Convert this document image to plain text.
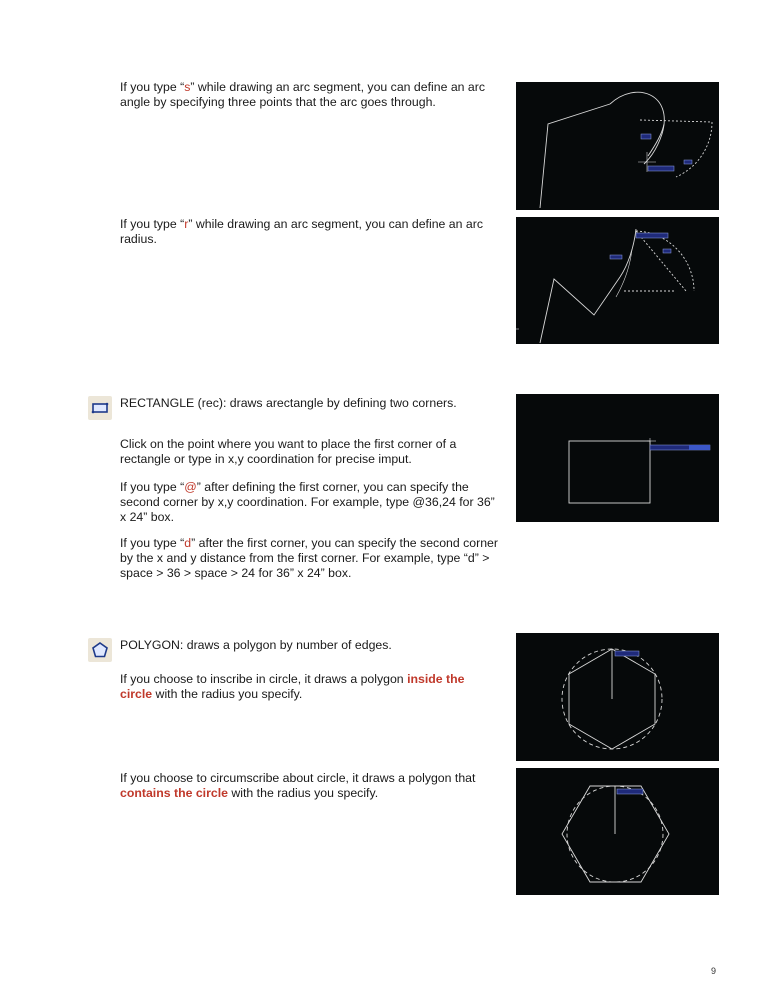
If you type “s” while drawing an arc segment, you can define an arc angle by specifying three points that the arc goes through.

If you type “r” while drawing an arc segment, you can define an arc radius.

RECTANGLE (rec): draws arectangle by defining two corners.

Click on the point where you want to place the first corner of a rectangle or type in x,y coordination for precise imput.

If you type “@” after defining the first corner, you can specify the second corner by x,y coordination. For example, type @36,24 for 36” x 24” box.

If you type “d” after the first corner, you can specify the second corner by the x and y distance from the first corner. For example, type “d” > space > 36 > space > 24 for 36” x 24” box.

POLYGON: draws a polygon by number of edges.

If you choose to inscribe in circle, it draws a polygon inside the circle with the radius you specify.

If you choose to circumscribe about circle, it draws a polygon that contains the circle with the radius you specify.

9
